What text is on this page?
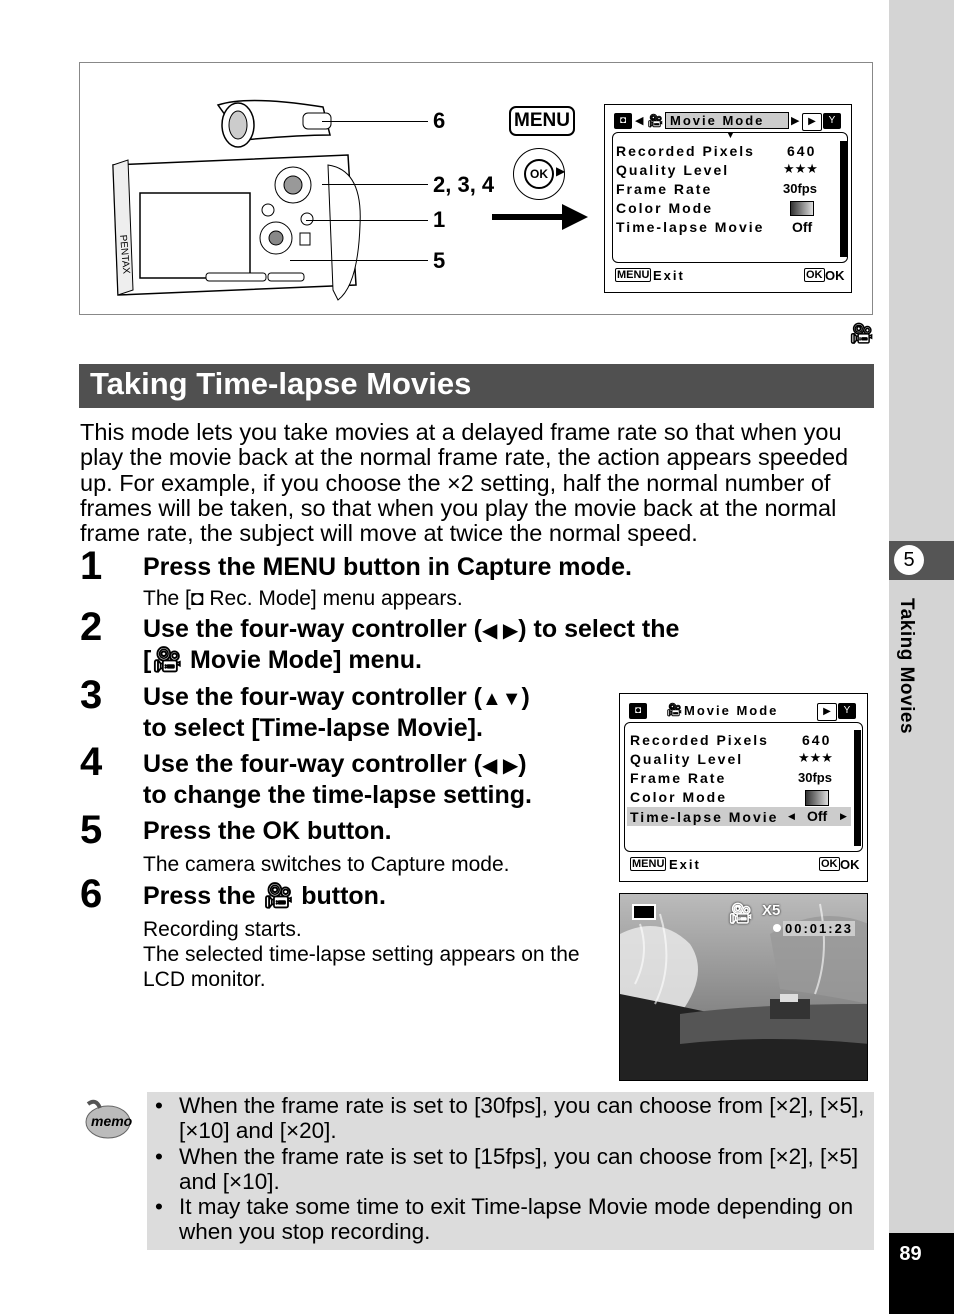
5
Taking Movies
89
PENTAX
6
2, 3, 4
1
5
MENU
OK ▶
◘ ◀ 🎥︎ Movie Mode	▶ ▶	Y
▼
Recorded Pixels 640
Quality Level	★★★
Frame Rate	30fps
Color Mode
Time-lapse Movie Off
MENU Exit	OK OK
🎥︎
Taking Time-lapse Movies
This mode lets you take movies at a delayed frame rate so that when you play the movie back at the normal frame rate, the action appears speeded up. For example, if you choose the ×2 setting, half the normal number of frames will be taken, so that when you play the movie back at the normal frame rate, the subject will move at twice the normal speed.
1 Press the MENU button in Capture mode.
The [◘ Rec. Mode] menu appears.
2 Use the four-way controller (◀ ▶) to select the
[🎥︎ Movie Mode] menu.
3 Use the four-way controller (▲▼)
to select [Time-lapse Movie].
4 Use the four-way controller (◀ ▶)
to change the time-lapse setting.
5 Press the OK button.
The camera switches to Capture mode.
6 Press the 🎥︎ button.
Recording starts.
The selected time-lapse setting appears on the LCD monitor.
◘	🎥︎ Movie Mode	▶	Y
Recorded Pixels 640
Quality Level	★★★
Frame Rate	30fps
Color Mode
Time-lapse Movie ◀ Off ▶
MENU Exit	OK OK
🎥︎ X5
00:01:23
memo
• When the frame rate is set to [30fps], you can choose from [×2], [×5], [×10] and [×20].
• When the frame rate is set to [15fps], you can choose from [×2], [×5] and [×10].
• It may take some time to exit Time-lapse Movie mode depending on when you stop recording.
